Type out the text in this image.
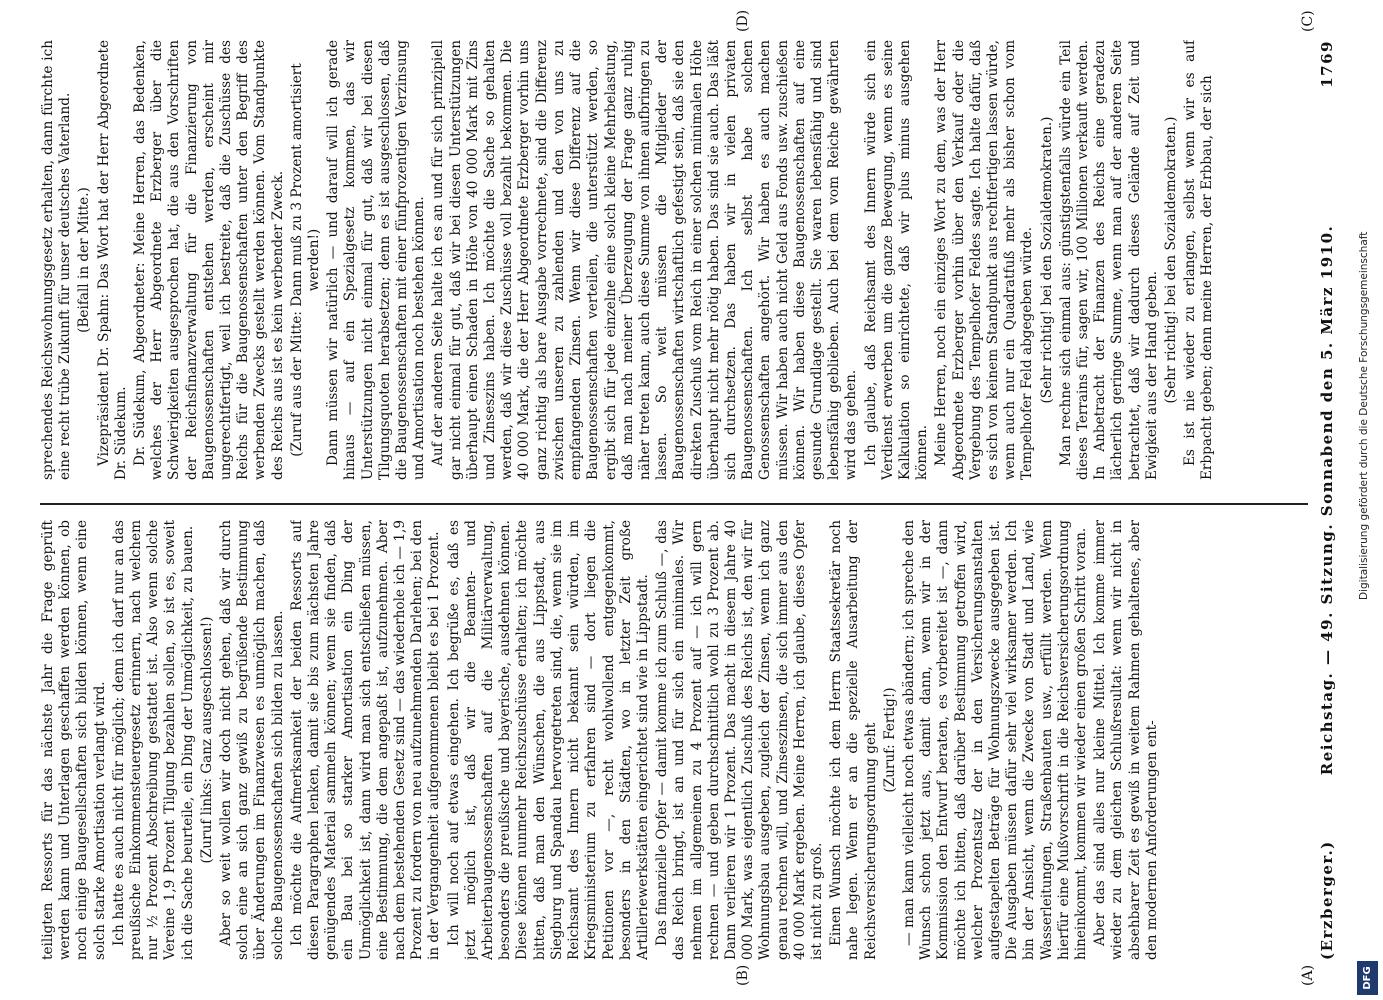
(Erzberger.)
Reichstag. — 49. Sitzung. Sonnabend den 5. März 1910.
1769

teiligten Ressorts für das nächste Jahr die Frage geprüft werden kann und Unterlagen geschaffen werden können, ob noch einige Baugesellschaften sich bilden können, wenn eine solch starke Amortisation verlangt wird. Ich hatte es auch nicht für möglich; denn ich darf nur an das preußische Einkommensteuergesetz erinnern, nach welchem nur ½ Prozent Abschreibung gestattet ist. Also wenn solche Vereine 1,9 Prozent Tilgung bezahlen sollen, so ist es, soweit ich die Sache beurteile, ein Ding der Unmöglichkeit, zu bauen. (Zuruf links: Ganz ausgeschlossen!) Aber so weit wollen wir doch nicht gehen, daß wir durch solch eine an sich ganz gewiß zu begrüßende Bestimmung über Änderungen im Finanzwesen es unmöglich machen, daß solche Baugenossenschaften sich bilden zu lassen. Ich möchte die Aufmerksamkeit der beiden Ressorts auf diesen Paragraphen lenken, damit sie bis zum nächsten Jahre genügendes Material sammeln können; wenn sie finden, daß ein Bau bei so starker Amortisation ein Ding der Unmöglichkeit ist, dann wird man sich entschließen müssen, eine Bestimmung, die dem angepaßt ist, aufzunehmen. Aber nach dem bestehenden Gesetz sind — das wiederhole ich — 1,9 Prozent zu fordern von neu aufzunehmenden Darlehen; bei den in der Vergangenheit aufgenommenen bleibt es bei 1 Prozent. Ich will noch auf etwas eingehen. Ich begrüße es, daß es jetzt möglich ist, daß wir die Beamten- und Arbeiterbaugenossenschaften auf die Militärverwaltung, besonders die preußische und bayerische, ausdehnen können. Diese können nunmehr Reichszuschüsse erhalten; ich möchte bitten, daß man den Wünschen, die aus Lippstadt, aus Siegburg und Spandau hervorgetreten sind, die, wenn sie im Reichsamt des Innern nicht bekannt sein würden, im Kriegsministerium zu erfahren sind — dort liegen die Petitionen vor —, recht wohlwollend entgegenkommt, besonders in den Städten, wo in letzter Zeit große Artilleriewerkstätten eingerichtet sind wie in Lippstadt. Das finanzielle Opfer — damit komme ich zum Schluß —, das das Reich bringt, ist an und für sich ein minimales. Wir nehmen im allgemeinen zu 4 Prozent auf — ich will gern rechnen — und geben durchschnittlich wohl zu 3 Prozent ab. Dann verlieren wir 1 Prozent. Das macht in diesem Jahre 40 000 Mark, was eigentlich Zuschuß des Reichs ist, den wir für Wohnungsbau ausgeben, zugleich der Zinsen, wenn ich ganz genau rechnen will, und Zinseszinsen, die sich immer aus den 40 000 Mark ergeben. Meine Herren, ich glaube, dieses Opfer ist nicht zu groß. Einen Wunsch möchte ich dem Herrn Staatssekretär noch nahe legen. Wenn er an die spezielle Ausarbeitung der Reichsversicherungsordnung geht (Zuruf: Fertig!) — man kann vielleicht noch etwas abändern; ich spreche den Wunsch schon jetzt aus, damit dann, wenn wir in der Kommission den Entwurf beraten, es vorbereitet ist —, dann möchte ich bitten, daß darüber Bestimmung getroffen wird, welcher Prozentsatz der in den Versicherungsanstalten aufgestapelten Beträge für Wohnungszwecke ausgegeben ist. Die Ausgaben müssen dafür sehr viel wirksamer werden. Ich bin der Ansicht, wenn die Zwecke von Stadt und Land, wie Wasserleitungen, Straßenbauten usw., erfüllt werden. Wenn hierfür eine Mußvorschrift in die Reichsversicherungsordnung hineinkommt, kommen wir wieder einen großen Schritt voran. Aber das sind alles nur kleine Mittel. Ich komme immer wieder zu dem gleichen Schlußresultat: wenn wir nicht in absehbarer Zeit es gewiß in weitem Rahmen gehaltenes, aber den modernen Anforderungen ent-

sprechendes Reichswohnungsgesetz erhalten, dann fürchte ich eine recht trübe Zukunft für unser deutsches Vaterland. (Beifall in der Mitte.) Vizepräsident Dr. Spahn: Das Wort hat der Herr Abgeordnete Dr. Südekum. Dr. Südekum, Abgeordneter: Meine Herren, das Bedenken, welches der Herr Abgeordnete Erzberger über die Schwierigkeiten ausgesprochen hat, die aus den Vorschriften der Reichsfinanzverwaltung für die Finanzierung von Baugenossenschaften entstehen werden, erscheint mir ungerechtfertigt, weil ich bestreite, daß die Zuschüsse des Reichs für die Baugenossenschaften unter den Begriff des werbenden Zwecks gestellt werden können. Vom Standpunkte des Reichs aus ist es kein werbender Zweck. (Zuruf aus der Mitte: Dann muß zu 3 Prozent amortisiert werden!) Dann müssen wir natürlich — und darauf will ich gerade hinaus — auf ein Spezialgesetz kommen, das wir Unterstützungen nicht einmal für gut, daß wir bei diesen Tilgungsquoten herabsetzen; denn es ist ausgeschlossen, daß die Baugenossenschaften mit einer fünfprozentigen Verzinsung und Amortisation noch bestehen können. Auf der anderen Seite halte ich es an und für sich prinzipiell gar nicht einmal für gut, daß wir bei diesen Unterstützungen überhaupt einen Schaden in Höhe von 40 000 Mark mit Zins und Zinseszins haben. Ich möchte die Sache so gehalten werden, daß wir diese Zuschüsse voll bezahlt bekommen. Die 40 000 Mark, die der Herr Abgeordnete Erzberger vorhin uns ganz richtig als bare Ausgabe vorrechnete, sind die Differenz zwischen unseren zu zahlenden und den von uns zu empfangenden Zinsen. Wenn wir diese Differenz auf die Baugenossenschaften verteilen, die unterstützt werden, so ergibt sich für jede einzelne eine solch kleine Mehrbelastung, daß man nach meiner Überzeugung der Frage ganz ruhig näher treten kann, auch diese Summe von ihnen aufbringen zu lassen. So weit müssen die Mitglieder der Baugenossenschaften wirtschaftlich gefestigt sein, daß sie den direkten Zuschuß vom Reich in einer solchen minimalen Höhe überhaupt nicht mehr nötig haben. Das sind sie auch. Das läßt sich durchsetzen. Das haben wir in vielen privaten Baugenossenschaften. Ich selbst habe solchen Genossenschaften angehört. Wir haben es auch machen müssen. Wir haben auch nicht Geld aus Fonds usw. zuschießen können. Wir haben diese Baugenossenschaften auf eine gesunde Grundlage gestellt. Sie waren lebensfähig und sind lebensfähig geblieben. Auch bei dem vom Reiche gewährten wird das gehen. Ich glaube, daß Reichsamt des Innern würde sich ein Verdienst erwerben um die ganze Bewegung, wenn es seine Kalkulation so einrichtete, daß wir plus minus ausgehen können. Meine Herren, noch ein einziges Wort zu dem, was der Herr Abgeordnete Erzberger vorhin über den Verkauf oder die Vergebung des Tempelhofer Feldes sagte. Ich halte dafür, daß es sich von keinem Standpunkt aus rechtfertigen lassen würde, wenn auch nur ein Quadratfuß mehr als bisher schon vom Tempelhofer Feld abgegeben würde. (Sehr richtig! bei den Sozialdemokraten.) Man rechne sich einmal aus: günstigstenfalls würde ein Teil dieses Terrains für, sagen wir, 100 Millionen verkauft werden. In Anbetracht der Finanzen des Reichs eine geradezu lächerlich geringe Summe, wenn man auf der anderen Seite betrachtet, daß wir dadurch dieses Gelände auf Zeit und Ewigkeit aus der Hand geben. (Sehr richtig! bei den Sozialdemokraten.) Es ist nie wieder zu erlangen, selbst wenn wir es auf Erbpacht geben; denn meine Herren, der Erbbau, der sich

(A)
(B)
(C)
(D)
Digitalisierung gefördert durch die Deutsche Forschungsgemeinschaft
DFG
